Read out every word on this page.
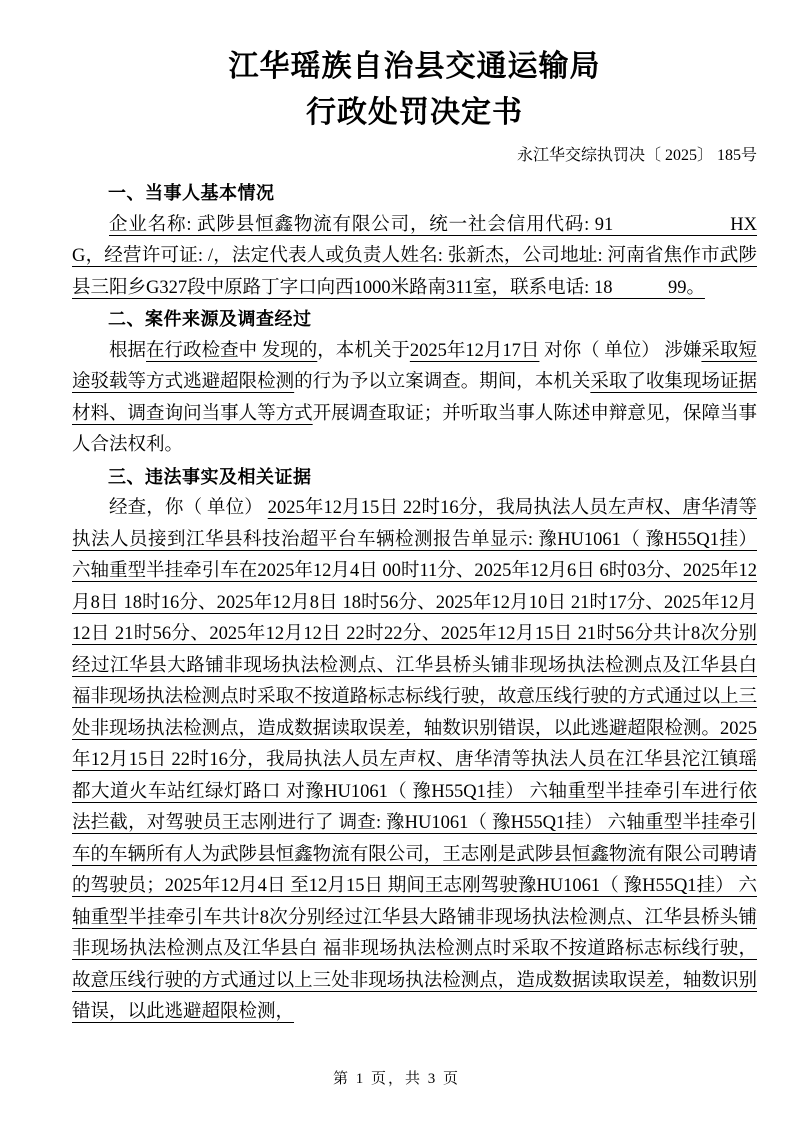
江华瑶族自治县交通运输局
行政处罚决定书
永江华交综执罚决〔 2025〕 185号
一、当事人基本情况

企业名称: 武陟县恒鑫物流有限公司，统一社会信用代码: 91　　　　　　HXG，经营许可证: /，法定代表人或负责人姓名: 张新杰，公司地址: 河南省焦作市武陟县三阳乡G327段中原路丁字口向西1000米路南311室，联系电话: 18　　　99。

二、案件来源及调查经过

根据在行政检查中 发现的，本机关于2025年12月17日 对你（ 单位） 涉嫌采取短途驳载等方式逃避超限检测的行为予以立案调查。期间，本机关采取了收集现场证据材料、调查询问当事人等方式开展调查取证；并听取当事人陈述申辩意见，保障当事人合法权利。

三、违法事实及相关证据

经查，你（ 单位） 2025年12月15日 22时16分，我局执法人员左声权、唐华清等执法人员接到江华县科技治超平台车辆检测报告单显示: 豫HU1061（ 豫H55Q1挂） 六轴重型半挂牵引车在2025年12月4日 00时11分、2025年12月6日 6时03分、2025年12月8日 18时16分、2025年12月8日 18时56分、2025年12月10日 21时17分、2025年12月12日 21时56分、2025年12月12日 22时22分、2025年12月15日 21时56分共计8次分别经过江华县大路铺非现场执法检测点、江华县桥头铺非现场执法检测点及江华县白 福非现场执法检测点时采取不按道路标志标线行驶，故意压线行驶的方式通过以上三处非现场执法检测点，造成数据读取误差，轴数识别错误，以此逃避超限检测。2025年12月15日 22时16分，我局执法人员左声权、唐华清等执法人员在江华县沱江镇瑶都大道火车站红绿灯路口 对豫HU1061（ 豫H55Q1挂） 六轴重型半挂牵引车进行依法拦截，对驾驶员王志刚进行了 调查: 豫HU1061（ 豫H55Q1挂） 六轴重型半挂牵引车的车辆所有人为武陟县恒鑫物流有限公司，王志刚是武陟县恒鑫物流有限公司聘请的驾驶员；2025年12月4日 至12月15日 期间王志刚驾驶豫HU1061（ 豫H55Q1挂） 六轴重型半挂牵引车共计8次分别经过江华县大路铺非现场执法检测点、江华县桥头铺非现场执法检测点及江华县白 福非现场执法检测点时采取不按道路标志标线行驶，故意压线行驶的方式通过以上三处非现场执法检测点，造成数据读取误差，轴数识别错误，以此逃避超限检测，

第 1 页，共 3 页
